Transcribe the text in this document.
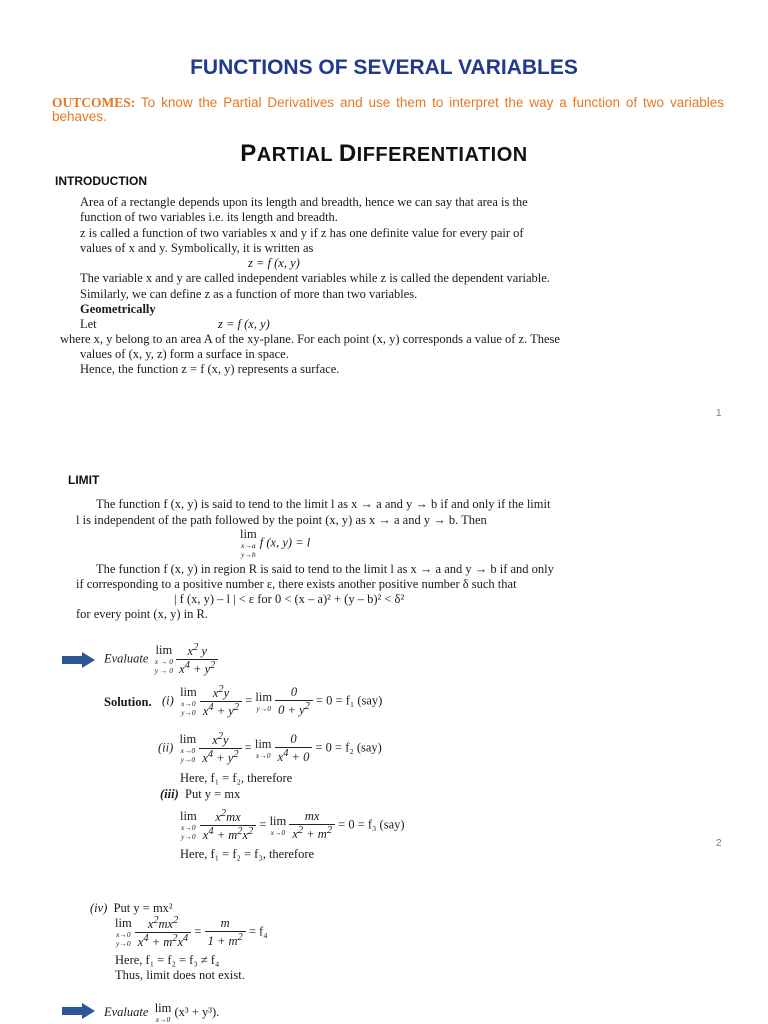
FUNCTIONS OF SEVERAL VARIABLES
OUTCOMES: To know the Partial Derivatives and use them to interpret the way a function of two variables behaves.
PARTIAL DIFFERENTIATION
INTRODUCTION
Area of a rectangle depends upon its length and breadth, hence we can say that area is the
function of two variables i.e. its length and breadth.
z is called a function of two variables x and y if z has one definite value for every pair of
values of x and y. Symbolically, it is written as
z = f (x, y)
The variable x and y are called independent variables while z is called the dependent variable.
Similarly, we can define z as a function of more than two variables.
Geometrically
Let	z = f (x, y)
where x, y belong to an area A of the xy-plane. For each point (x, y) corresponds a value of z. These
values of (x, y, z) form a surface in space.
Hence, the function z = f (x, y) represents a surface.
1
LIMIT
The function f (x, y) is said to tend to the limit l as x → a and y → b if and only if the limit
l is independent of the path followed by the point (x, y) as x → a and y → b. Then
lim
x→a
y→b
f (x, y) = l
The function f (x, y) in region R is said to tend to the limit l as x → a and y → b if and only
if corresponding to a positive number ε, there exists another positive number δ such that
| f (x, y) – l | < ε for 0 < (x – a)² + (y – b)² < δ²
for every point (x, y) in R.
Evaluate
lim
x → 0
y → 0
$\frac{x^2 y}{x^4 + y^2}$
Solution. (i)
lim
x→0
y→0
$\frac{x^2y}{x^4 + y^2} = \lim$
y→0
$\frac{0}{0 + y^2} = 0 = f_1$ (say)
(ii)
lim
x→0
y→0
$\frac{x^2y}{x^4 + y^2} = \lim$
x→0
$\frac{0}{x^4 + 0} = 0 = f_2$ (say)
Here, f₁ = f₂, therefore
(iii) Put y = mx
lim
x→0
y→0
$\frac{x^2mx}{x^4 + m^2x^2} = \lim$
x→0
$\frac{mx}{x^2 + m^2} = 0 = f_3$ (say)
Here, f₁ = f₂ = f₃, therefore
2
(iv) Put y = mx²
lim
x→0
y→0
$\frac{x^2mx^2}{x^4 + m^2x^4} = \frac{m}{1 + m^2} = f_4$
Here, f₁ = f₂ = f₃ ≠ f₄
Thus, limit does not exist.
Evaluate lim
x→0
(x³ + y³).
